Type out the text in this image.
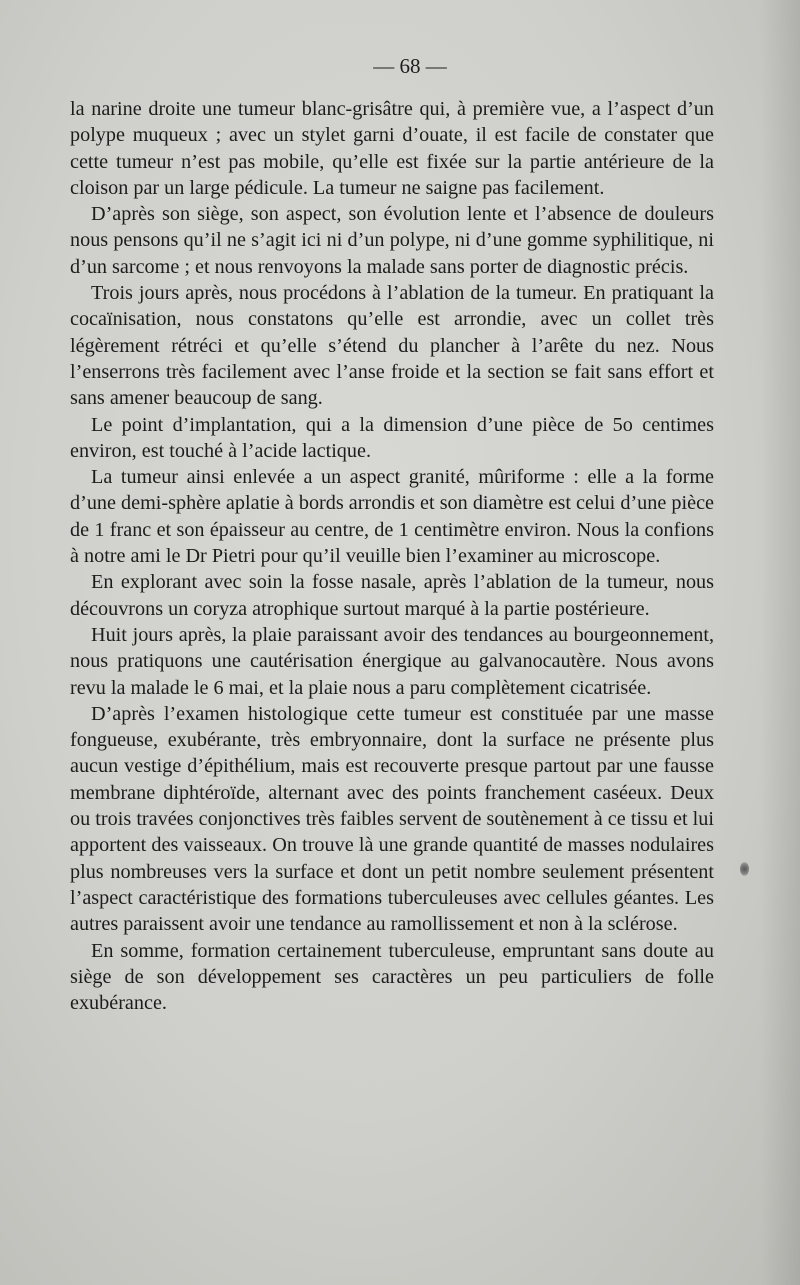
— 68 —

la narine droite une tumeur blanc-grisâtre qui, à première vue, a l’aspect d’un polype muqueux ; avec un stylet garni d’ouate, il est facile de constater que cette tumeur n’est pas mobile, qu’elle est fixée sur la partie antérieure de la cloison par un large pédicule. La tumeur ne saigne pas facilement.

D’après son siège, son aspect, son évolution lente et l’absence de douleurs nous pensons qu’il ne s’agit ici ni d’un polype, ni d’une gomme syphilitique, ni d’un sarcome ; et nous renvoyons la malade sans porter de diagnostic précis.

Trois jours après, nous procédons à l’ablation de la tumeur. En pratiquant la cocaïnisation, nous constatons qu’elle est arrondie, avec un collet très légèrement rétréci et qu’elle s’étend du plancher à l’arête du nez. Nous l’enserrons très facilement avec l’anse froide et la section se fait sans effort et sans amener beaucoup de sang.

Le point d’implantation, qui a la dimension d’une pièce de 5o centimes environ, est touché à l’acide lactique.

La tumeur ainsi enlevée a un aspect granité, mûriforme : elle a la forme d’une demi-sphère aplatie à bords arrondis et son diamètre est celui d’une pièce de 1 franc et son épaisseur au centre, de 1 centimètre environ. Nous la confions à notre ami le Dr Pietri pour qu’il veuille bien l’examiner au microscope.

En explorant avec soin la fosse nasale, après l’ablation de la tumeur, nous découvrons un coryza atrophique surtout marqué à la partie postérieure.

Huit jours après, la plaie paraissant avoir des tendances au bourgeonnement, nous pratiquons une cautérisation énergique au galvanocautère. Nous avons revu la malade le 6 mai, et la plaie nous a paru complètement cicatrisée.

D’après l’examen histologique cette tumeur est constituée par une masse fongueuse, exubérante, très embryonnaire, dont la surface ne présente plus aucun vestige d’épithélium, mais est recouverte presque partout par une fausse membrane diphtéroïde, alternant avec des points franchement caséeux. Deux ou trois travées conjonctives très faibles servent de soutènement à ce tissu et lui apportent des vaisseaux. On trouve là une grande quantité de masses nodulaires plus nombreuses vers la surface et dont un petit nombre seulement présentent l’aspect caractéristique des formations tuberculeuses avec cellules géantes. Les autres paraissent avoir une tendance au ramollissement et non à la sclérose.

En somme, formation certainement tuberculeuse, empruntant sans doute au siège de son développement ses caractères un peu particuliers de folle exubérance.
